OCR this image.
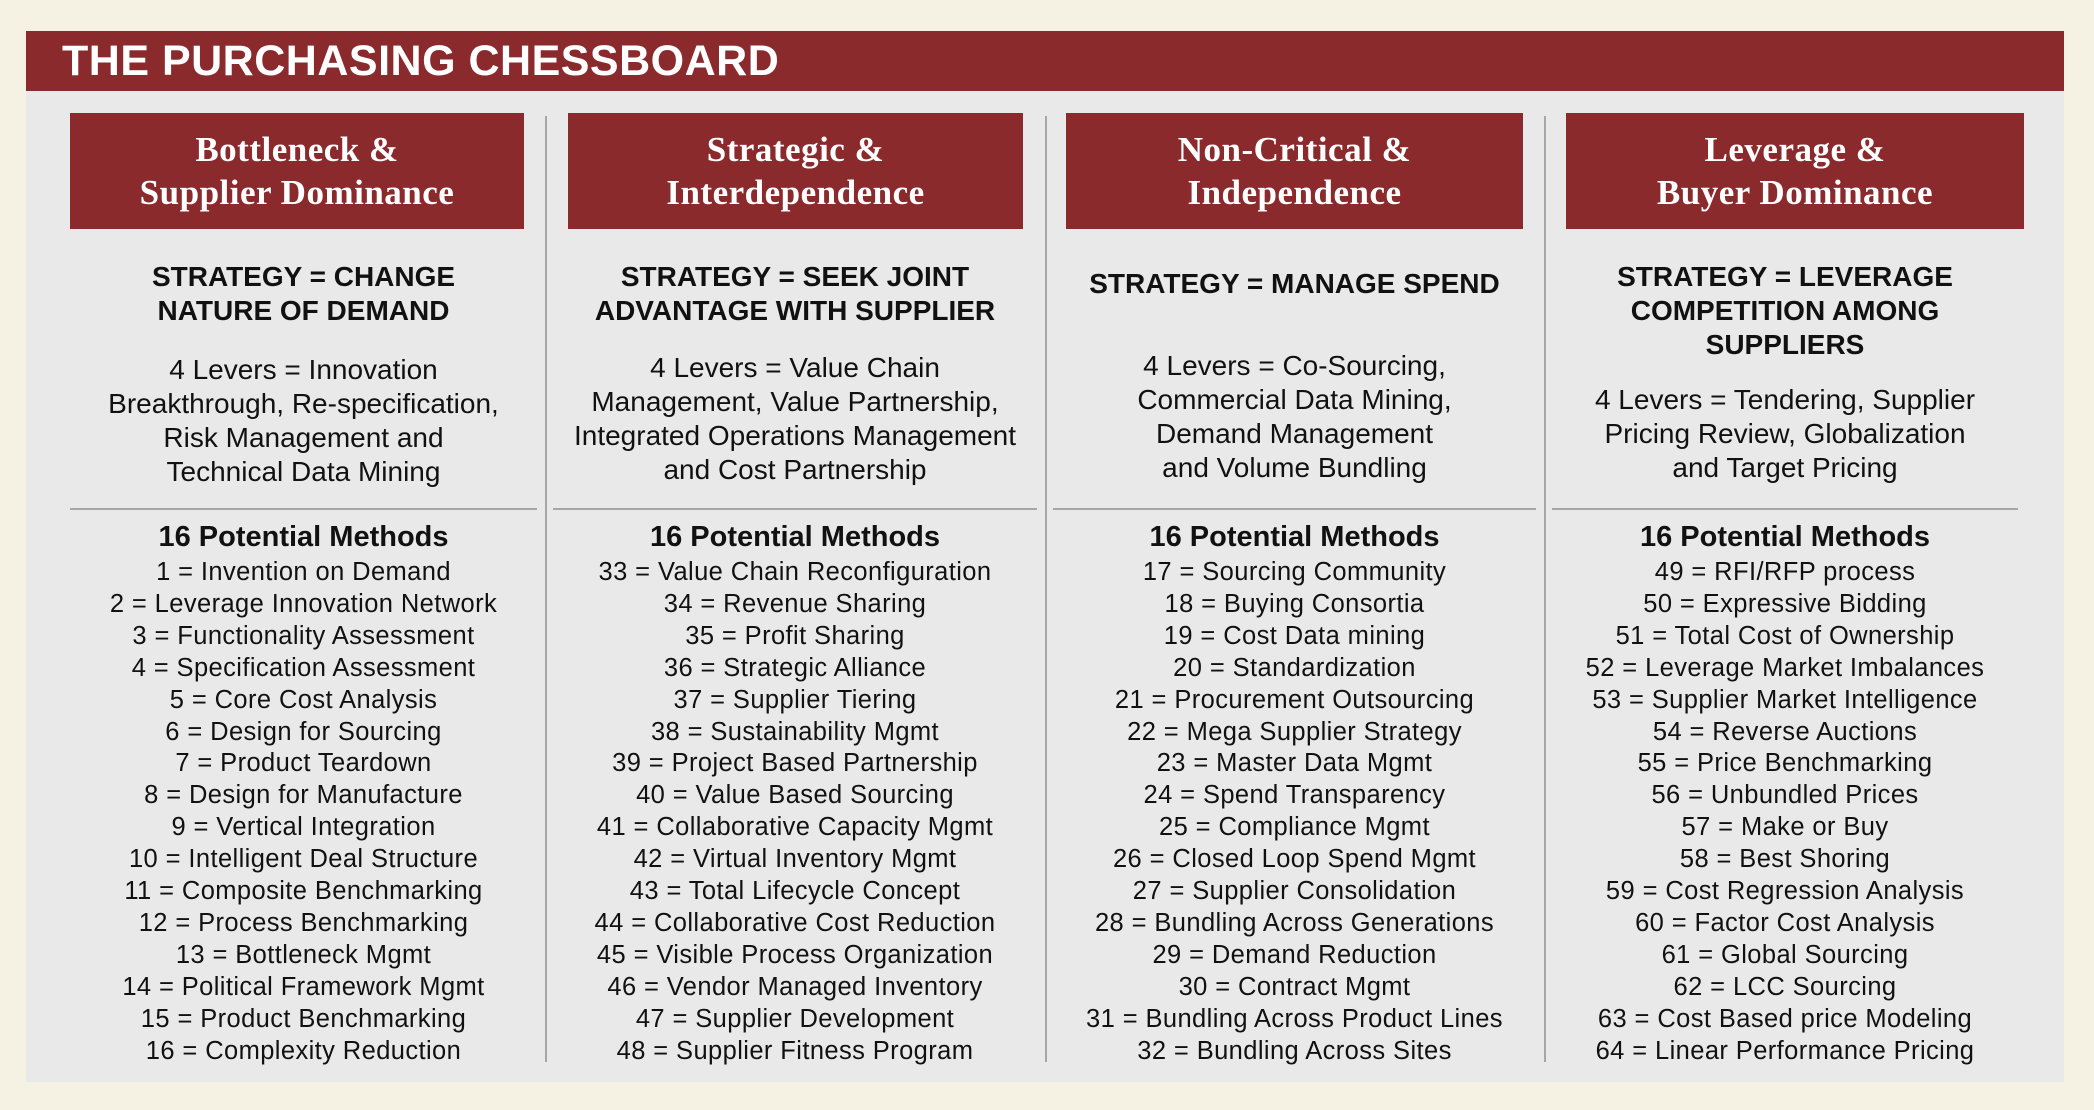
THE PURCHASING CHESSBOARD
Bottleneck &
Supplier Dominance
STRATEGY = CHANGE
NATURE OF DEMAND
4 Levers = Innovation
Breakthrough, Re-specification,
Risk Management and
Technical Data Mining
16 Potential Methods
1 = Invention on Demand
2 = Leverage Innovation Network
3 = Functionality Assessment
4 = Specification Assessment
5 = Core Cost Analysis
6 = Design for Sourcing
7 = Product Teardown
8 = Design for Manufacture
9 = Vertical Integration
10 = Intelligent Deal Structure
11 = Composite Benchmarking
12 = Process Benchmarking
13 = Bottleneck Mgmt
14 = Political Framework Mgmt
15 = Product Benchmarking
16 = Complexity Reduction
Strategic &
Interdependence
STRATEGY = SEEK JOINT
ADVANTAGE WITH SUPPLIER
4 Levers = Value Chain
Management, Value Partnership,
Integrated Operations Management
and Cost Partnership
16 Potential Methods
33 = Value Chain Reconfiguration
34 = Revenue Sharing
35 = Profit Sharing
36 = Strategic Alliance
37 = Supplier Tiering
38 = Sustainability Mgmt
39 = Project Based Partnership
40 = Value Based Sourcing
41 = Collaborative Capacity Mgmt
42 = Virtual Inventory Mgmt
43 = Total Lifecycle Concept
44 = Collaborative Cost Reduction
45 = Visible Process Organization
46 = Vendor Managed Inventory
47 = Supplier Development
48 = Supplier Fitness Program
Non-Critical &
Independence
STRATEGY = MANAGE SPEND
4 Levers = Co-Sourcing,
Commercial Data Mining,
Demand Management
and Volume Bundling
16 Potential Methods
17 = Sourcing Community
18 = Buying Consortia
19 = Cost Data mining
20 = Standardization
21 = Procurement Outsourcing
22 = Mega Supplier Strategy
23 = Master Data Mgmt
24 = Spend Transparency
25 = Compliance Mgmt
26 = Closed Loop Spend Mgmt
27 = Supplier Consolidation
28 = Bundling Across Generations
29 = Demand Reduction
30 = Contract Mgmt
31 = Bundling Across Product Lines
32 = Bundling Across Sites
Leverage &
Buyer Dominance
STRATEGY = LEVERAGE
COMPETITION AMONG
SUPPLIERS
4 Levers = Tendering, Supplier
Pricing Review, Globalization
and Target Pricing
16 Potential Methods
49 = RFI/RFP process
50 = Expressive Bidding
51 = Total Cost of Ownership
52 = Leverage Market Imbalances
53 = Supplier Market Intelligence
54 = Reverse Auctions
55 = Price Benchmarking
56 = Unbundled Prices
57 = Make or Buy
58 = Best Shoring
59 = Cost Regression Analysis
60 = Factor Cost Analysis
61 = Global Sourcing
62 = LCC Sourcing
63 = Cost Based price Modeling
64 = Linear Performance Pricing
